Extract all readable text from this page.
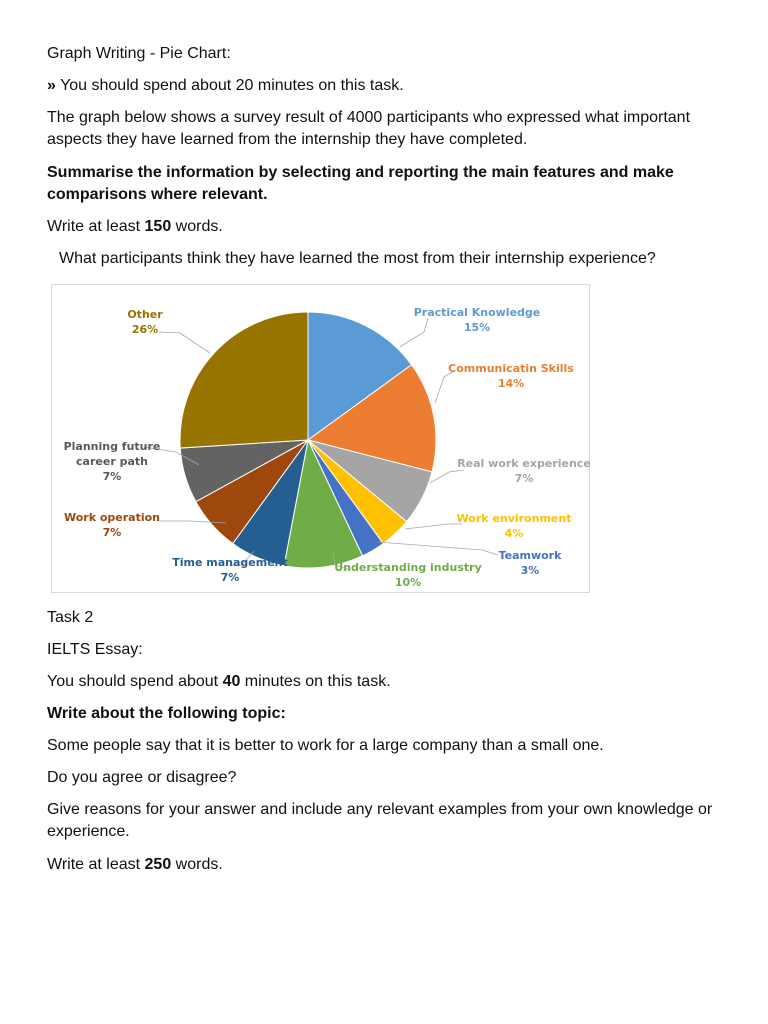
Graph Writing - Pie Chart:
» You should spend about 20 minutes on this task.
The graph below shows a survey result of 4000 participants who expressed what important aspects they have learned from the internship they have completed.
Summarise the information by selecting and reporting the main features and make comparisons where relevant.
Write at least 150 words.
What participants think they have learned the most from their internship experience?
Practical Knowledge
15%
Communicatin Skills
14%
Real work experience
7%
Work environment
4%
Teamwork
3%
Understanding industry
10%
Time management
7%
Work operation
7%
Planning future
career path
7%
Other
26%
Task 2
IELTS Essay:
You should spend about 40 minutes on this task.
Write about the following topic:
Some people say that it is better to work for a large company than a small one.
Do you agree or disagree?
Give reasons for your answer and include any relevant examples from your own knowledge or experience.
Write at least 250 words.
